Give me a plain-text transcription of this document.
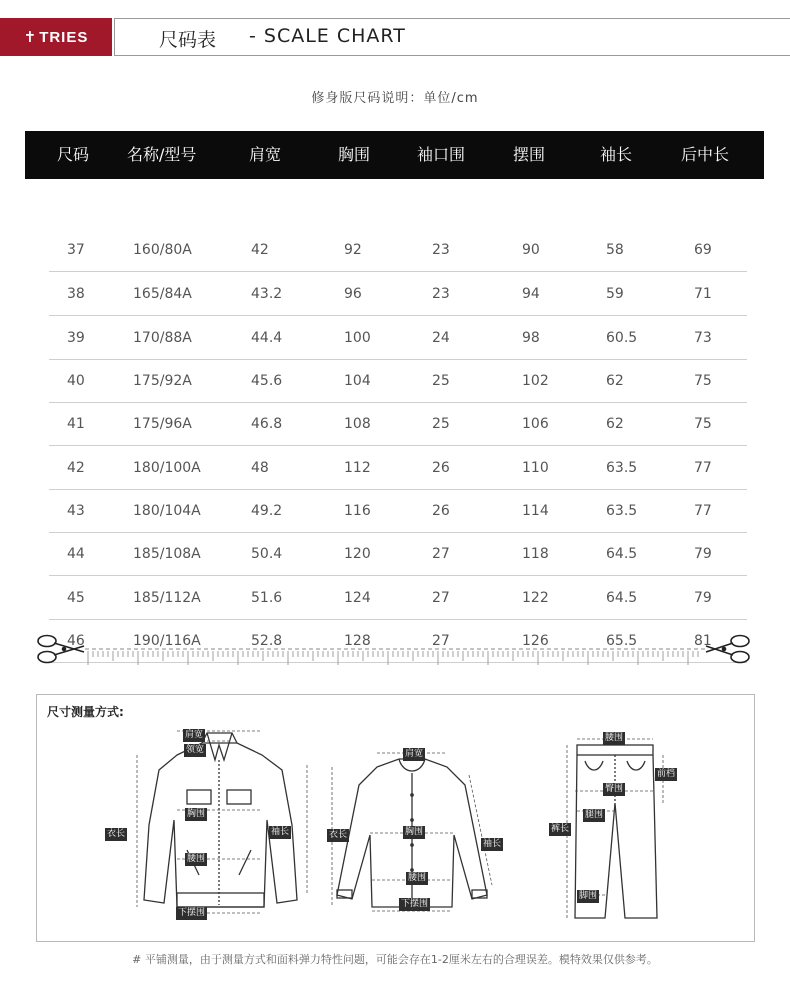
✝ TRIES	尺码表 - SCALE CHART
修身版尺码说明：单位/cm
尺码 名称/型号	肩宽	胸围	袖口围	摆围	袖长	后中长
37	160/80A	42	92	23	90	58	69
38	165/84A	43.2	96	23	94	59	71
39	170/88A	44.4	100	24	98	60.5	73
40	175/92A	45.6	104	25	102	62	75
41	175/96A	46.8	108	25	106	62	75
42	180/100A	48	112	26	110	63.5	77
43	180/104A	49.2	116	26	114	63.5	77
44	185/108A	50.4	120	27	118	64.5	79
45	185/112A	51.6	124	27	122	64.5	79
46	190/116A	52.8	128	27	126	65.5	81
尺寸测量方式:
肩宽
领宽
胸围
衣长	袖长
腰围
下摆围
肩宽
衣长	胸围
袖长
腰围
下摆围
腰围
前档
臀围
腿围
裤长
脚围
# 平铺测量，由于测量方式和面料弹力特性问题，可能会存在1-2厘米左右的合理误差。模特效果仅供参考。
